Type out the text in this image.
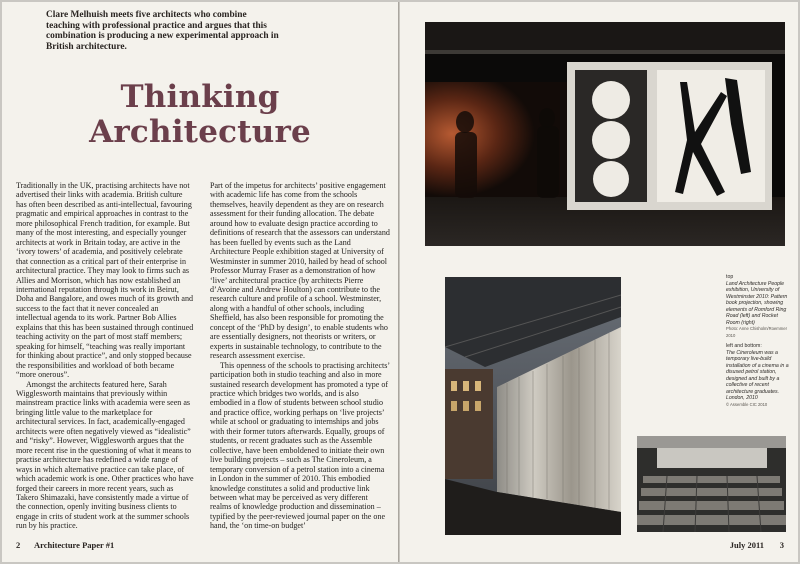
Clare Melhuish meets five architects who combine teaching with professional practice and argues that this combination is producing a new experimental approach in British architecture.
Thinking
Architecture

Traditionally in the UK, practising architects have not advertised their links with academia. British culture has often been described as anti-intellectual, favouring pragmatic and empirical approaches in contrast to the more philosophical French tradition, for example. But many of the most interesting, and especially younger architects at work in Britain today, are active in the ‘ivory towers’ of academia, and positively celebrate that connection as a critical part of their enterprise in architectural practice. They may look to firms such as Allies and Morrison, which has now established an international reputation through its work in Beirut, Doha and Bangalore, and owes much of its growth and success to the fact that it never concealed an intellectual agenda to its work. Partner Bob Allies explains that this has been sustained through continued teaching activity on the part of most staff members; speaking for himself, “teaching was really important for thinking about practice”, and only stopped because the responsibilities and workload of both became “more onerous”.

Amongst the architects featured here, Sarah Wigglesworth maintains that previously within mainstream practice links with academia were seen as bringing little value to the marketplace for architectural services. In fact, academically-engaged architects were often negatively viewed as “idealistic” and “risky”. However, Wigglesworth argues that the more recent rise in the questioning of what it means to practise architecture has redefined a wide range of ways in which alternative practice can take place, of which academic work is one. Other practices who have forged their careers in more recent years, such as Takero Shimazaki, have consistently made a virtue of the connection, openly inviting business clients to engage in crits of student work at the summer schools run by his practice.

Part of the impetus for architects’ positive engagement with academic life has come from the schools themselves, heavily dependent as they are on research assessment for their funding allocation. The debate around how to evaluate design practice according to definitions of research that the assessors can understand has been fuelled by events such as the Land Architecture People exhibition staged at University of Westminster in summer 2010, hailed by head of school Professor Murray Fraser as a demonstration of how ‘live’ architectural practice (by architects Pierre d’Avoine and Andrew Houlton) can contribute to the research culture and profile of a school. Westminster, along with a handful of other schools, including Sheffield, has also been responsible for promoting the concept of the ‘PhD by design’, to enable students who are essentially designers, not theorists or writers, or experts in sustainable technology, to contribute to the research assessment exercise.

This openness of the schools to practising architects’ participation both in studio teaching and also in more sustained research development has promoted a type of practice which bridges two worlds, and is also embodied in a flow of students between school studio and practice office, working perhaps on ‘live projects’ while at school or graduating to internships and jobs with their former tutors afterwards. Equally, groups of students, or recent graduates such as the Assemble collective, have been emboldened to initiate their own live building projects – such as The Cineroleum, a temporary conversion of a petrol station into a cinema in London in the summer of 2010. This embodied knowledge constitutes a solid and productive link between what may be perceived as very different realms of knowledge production and dissemination – typified by the peer-reviewed journal paper on the one hand, the ‘on time-on budget’

2 Architecture Paper #1

top
Land Architecture People exhibition, University of Westminster 2010: Pattern book projection, showing elements of Romford Ring Road (left) and Rocket Room (right)
Photo: Anne Chisholm/Roemmer 2010

left and bottom:
The Cineroleum was a temporary live-build installation of a cinema in a disused petrol station, designed and built by a collective of recent architecture graduates. London, 2010
© Assemble CIC 2010

July 2011 3
